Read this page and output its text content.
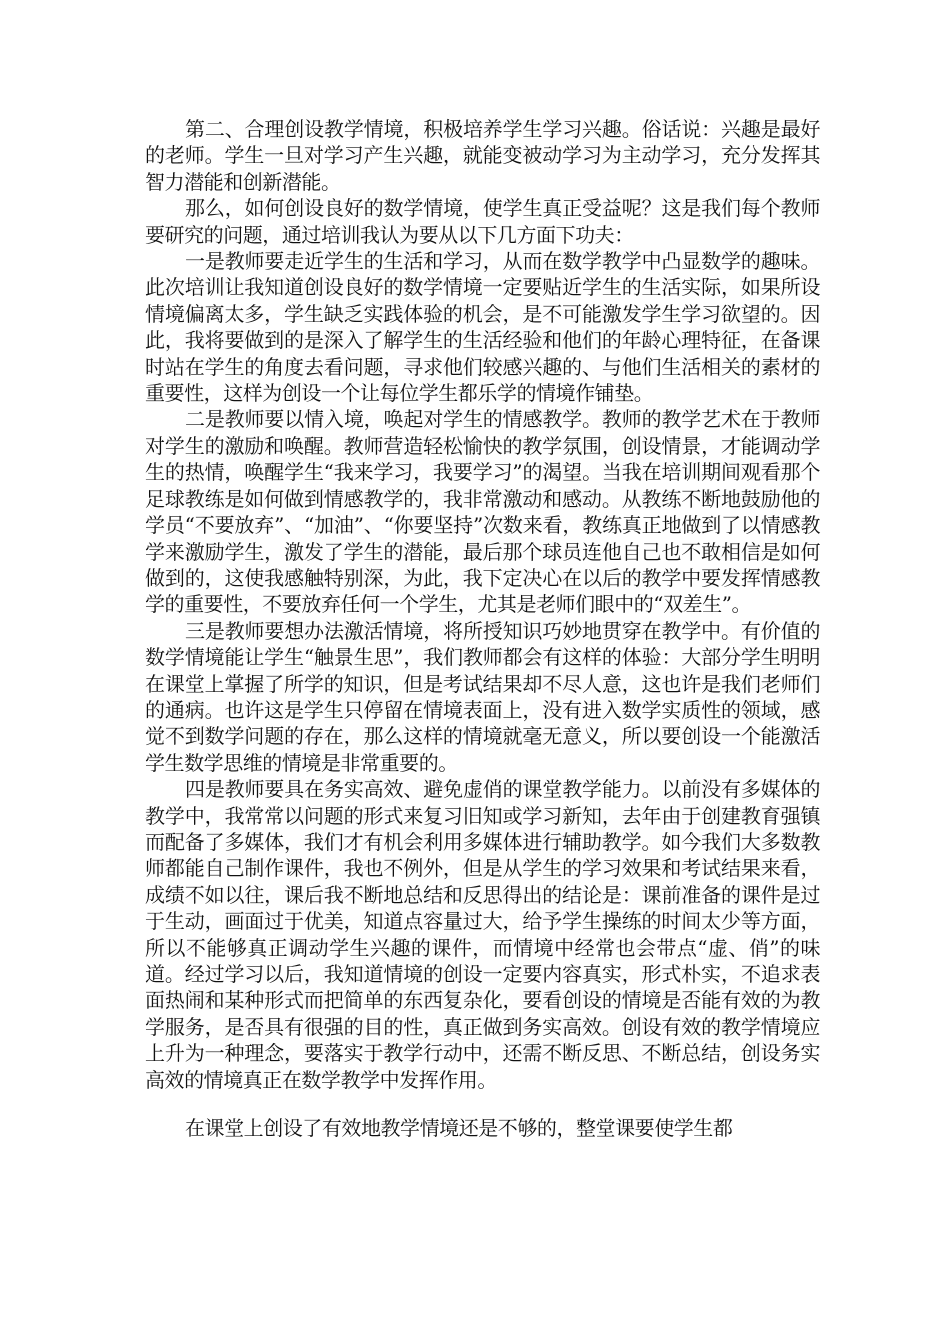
第二、合理创设教学情境，积极培养学生学习兴趣。俗话说：兴趣是最好的老师。学生一旦对学习产生兴趣，就能变被动学习为主动学习，充分发挥其智力潜能和创新潜能。

那么，如何创设良好的数学情境，使学生真正受益呢？这是我们每个教师要研究的问题，通过培训我认为要从以下几方面下功夫：

一是教师要走近学生的生活和学习，从而在数学教学中凸显数学的趣味。 此次培训让我知道创设良好的数学情境一定要贴近学生的生活实际，如果所设情境偏离太多，学生缺乏实践体验的机会，是不可能激发学生学习欲望的。因此，我将要做到的是深入了解学生的生活经验和他们的年龄心理特征，在备课时站在学生的角度去看问题，寻求他们较感兴趣的、与他们生活相关的素材的重要性，这样为创设一个让每位学生都乐学的情境作铺垫。

二是教师要以情入境，唤起对学生的情感教学。教师的教学艺术在于教师对学生的激励和唤醒。教师营造轻松愉快的教学氛围，创设情景，才能调动学生的热情，唤醒学生“我来学习，我要学习”的渴望。当我在培训期间观看那个足球教练是如何做到情感教学的，我非常激动和感动。从教练不断地鼓励他的学员“不要放弃”、“加油”、“你要坚持”次数来看，教练真正地做到了以情感教学来激励学生，激发了学生的潜能，最后那个球员连他自己也不敢相信是如何做到的，这使我感触特别深，为此，我下定决心在以后的教学中要发挥情感教学的重要性，不要放弃任何一个学生，尤其是老师们眼中的“双差生”。

三是教师要想办法激活情境，将所授知识巧妙地贯穿在教学中。有价值的数学情境能让学生“触景生思”，我们教师都会有这样的体验：大部分学生明明在课堂上掌握了所学的知识，但是考试结果却不尽人意，这也许是我们老师们的通病。也许这是学生只停留在情境表面上，没有进入数学实质性的领域，感觉不到数学问题的存在，那么这样的情境就毫无意义，所以要创设一个能激活学生数学思维的情境是非常重要的。

四是教师要具在务实高效、避免虚俏的课堂教学能力。以前没有多媒体的教学中，我常常以问题的形式来复习旧知或学习新知，去年由于创建教育强镇而配备了多媒体，我们才有机会利用多媒体进行辅助教学。如今我们大多数教师都能自己制作课件，我也不例外，但是从学生的学习效果和考试结果来看，成绩不如以往，课后我不断地总结和反思得出的结论是：课前准备的课件是过于生动，画面过于优美，知道点容量过大，给予学生操练的时间太少等方面，所以不能够真正调动学生兴趣的课件，而情境中经常也会带点“虚、俏”的味道。经过学习以后，我知道情境的创设一定要内容真实，形式朴实，不追求表面热闹和某种形式而把简单的东西复杂化，要看创设的情境是否能有效的为教学服务，是否具有很强的目的性，真正做到务实高效。创设有效的教学情境应上升为一种理念，要落实于教学行动中，还需不断反思、不断总结，创设务实高效的情境真正在数学教学中发挥作用。

在课堂上创设了有效地教学情境还是不够的，整堂课要使学生都
